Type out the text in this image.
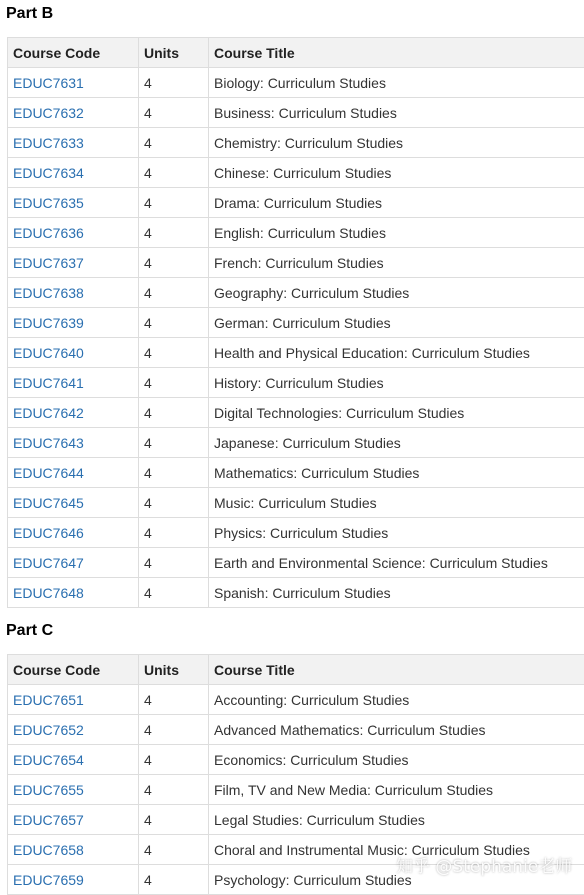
Part B
Course Code	Units	Course Title
EDUC7631	4	Biology: Curriculum Studies
EDUC7632	4	Business: Curriculum Studies
EDUC7633	4	Chemistry: Curriculum Studies
EDUC7634	4	Chinese: Curriculum Studies
EDUC7635	4	Drama: Curriculum Studies
EDUC7636	4	English: Curriculum Studies
EDUC7637	4	French: Curriculum Studies
EDUC7638	4	Geography: Curriculum Studies
EDUC7639	4	German: Curriculum Studies
EDUC7640	4	Health and Physical Education: Curriculum Studies
EDUC7641	4	History: Curriculum Studies
EDUC7642	4	Digital Technologies: Curriculum Studies
EDUC7643	4	Japanese: Curriculum Studies
EDUC7644	4	Mathematics: Curriculum Studies
EDUC7645	4	Music: Curriculum Studies
EDUC7646	4	Physics: Curriculum Studies
EDUC7647	4	Earth and Environmental Science: Curriculum Studies
EDUC7648	4	Spanish: Curriculum Studies
Part C
Course Code	Units	Course Title
EDUC7651	4	Accounting: Curriculum Studies
EDUC7652	4	Advanced Mathematics: Curriculum Studies
EDUC7654	4	Economics: Curriculum Studies
EDUC7655	4	Film, TV and New Media: Curriculum Studies
EDUC7657	4	Legal Studies: Curriculum Studies
EDUC7658	4	Choral and Instrumental Music: Curriculum Studies
EDUC7659	4	Psychology: Curriculum Studies
知乎 @Stephanie老师
